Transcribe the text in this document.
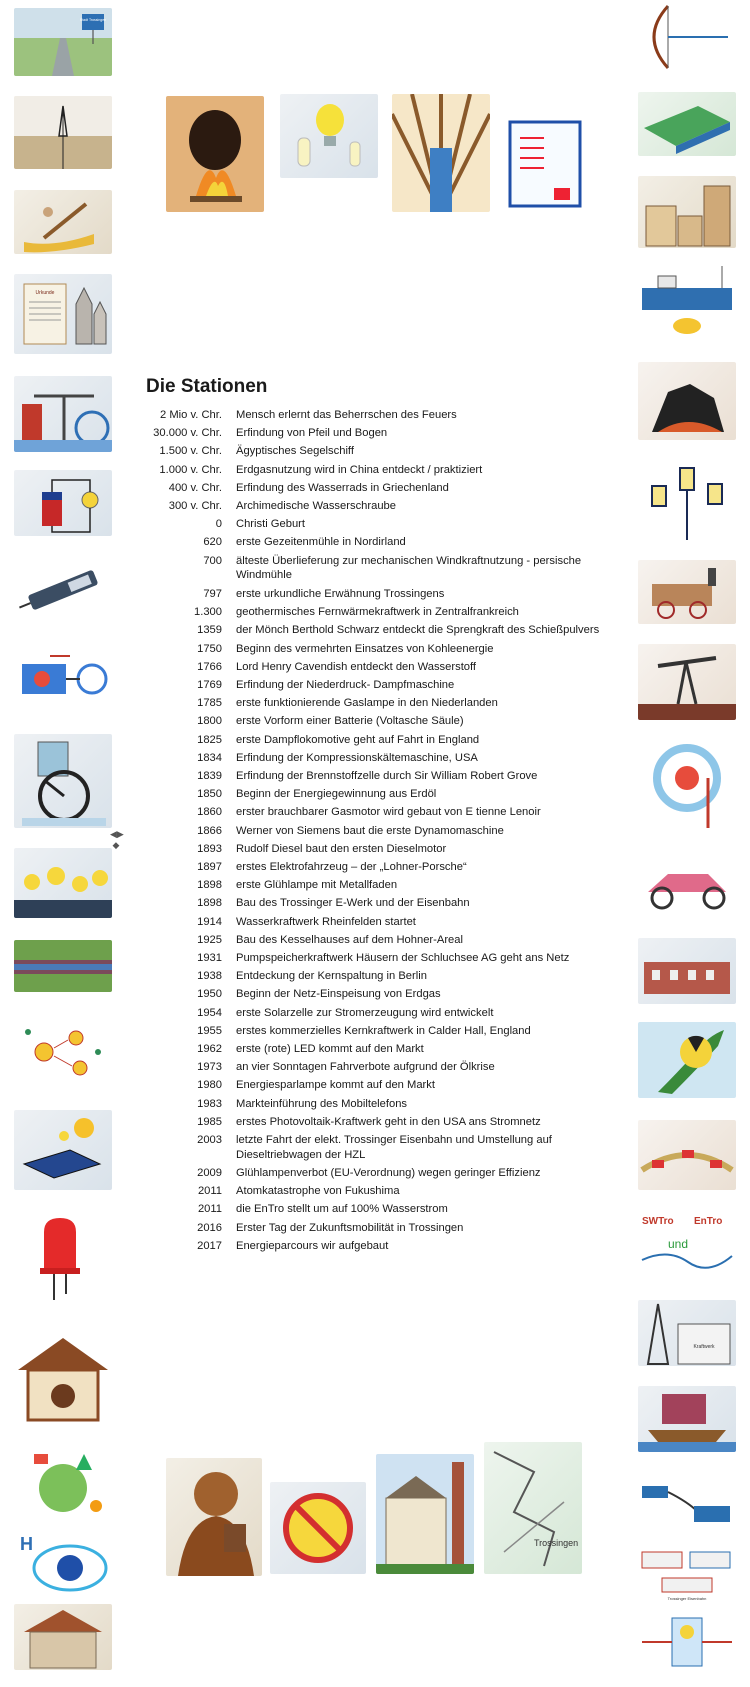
Stadt Trossingen
Urkunde
H
SWTro EnTro
und
Kraftwerk
Trossinger Eisenbahn
Trossingen
Die Stationen
2 Mio v. Chr.	Mensch erlernt das Beherrschen des Feuers
30.000 v. Chr.	Erfindung von Pfeil und Bogen
1.500 v. Chr.	Ägyptisches Segelschiff
1.000 v. Chr.	Erdgasnutzung wird in China entdeckt / praktiziert
400 v. Chr.	Erfindung des Wasserrads in Griechenland
300 v. Chr.	Archimedische Wasserschraube
0	Christi Geburt
620	erste Gezeitenmühle in Nordirland
700	älteste Überlieferung zur mechanischen Windkraftnutzung - persische Windmühle
797	erste urkundliche Erwähnung Trossingens
1.300	geothermisches Fernwärmekraftwerk in Zentralfrankreich
1359	der Mönch Berthold Schwarz entdeckt die Sprengkraft des Schießpulvers
1750	Beginn des vermehrten Einsatzes von Kohleenergie
1766	Lord Henry Cavendish entdeckt den Wasserstoff
1769	Erfindung der Niederdruck- Dampfmaschine
1785	erste funktionierende Gaslampe in den Niederlanden
1800	erste Vorform einer Batterie (Voltasche Säule)
1825	erste Dampflokomotive geht auf Fahrt in England
1834	Erfindung der Kompressionskältemaschine, USA
1839	Erfindung der Brennstoffzelle durch Sir William Robert Grove
1850	Beginn der Energiegewinnung aus Erdöl
1860	erster brauchbarer Gasmotor wird gebaut von E tienne Lenoir
1866	Werner von Siemens baut die erste Dynamomaschine
1893	Rudolf Diesel baut den ersten Dieselmotor
1897	erstes Elektrofahrzeug – der „Lohner-Porsche“
1898	erste Glühlampe mit Metallfaden
1898	Bau des Trossinger E-Werk und der Eisenbahn
1914	Wasserkraftwerk Rheinfelden startet
1925	Bau des Kesselhauses auf dem Hohner-Areal
1931	Pumpspeicherkraftwerk Häusern der Schluchsee AG geht ans Netz
1938	Entdeckung der Kernspaltung in Berlin
1950	Beginn der Netz-Einspeisung von Erdgas
1954	erste Solarzelle zur Stromerzeugung wird entwickelt
1955	erstes kommerzielles Kernkraftwerk in Calder Hall, England
1962	erste (rote) LED kommt auf den Markt
1973	an vier Sonntagen Fahrverbote aufgrund der Ölkrise
1980	Energiesparlampe kommt auf den Markt
1983	Markteinführung des Mobiltelefons
1985	erstes Photovoltaik-Kraftwerk geht in den USA ans Stromnetz
2003	letzte Fahrt der elekt. Trossinger Eisenbahn und Umstellung auf Dieseltriebwagen der HZL
2009	Glühlampenverbot (EU-Verordnung) wegen geringer Effizienz
2011	Atomkatastrophe von Fukushima
2011	die EnTro stellt um auf 100% Wasserstrom
2016	Erster Tag der Zukunftsmobilität in Trossingen
2017	Energieparcours wir aufgebaut
◀▶
◆
